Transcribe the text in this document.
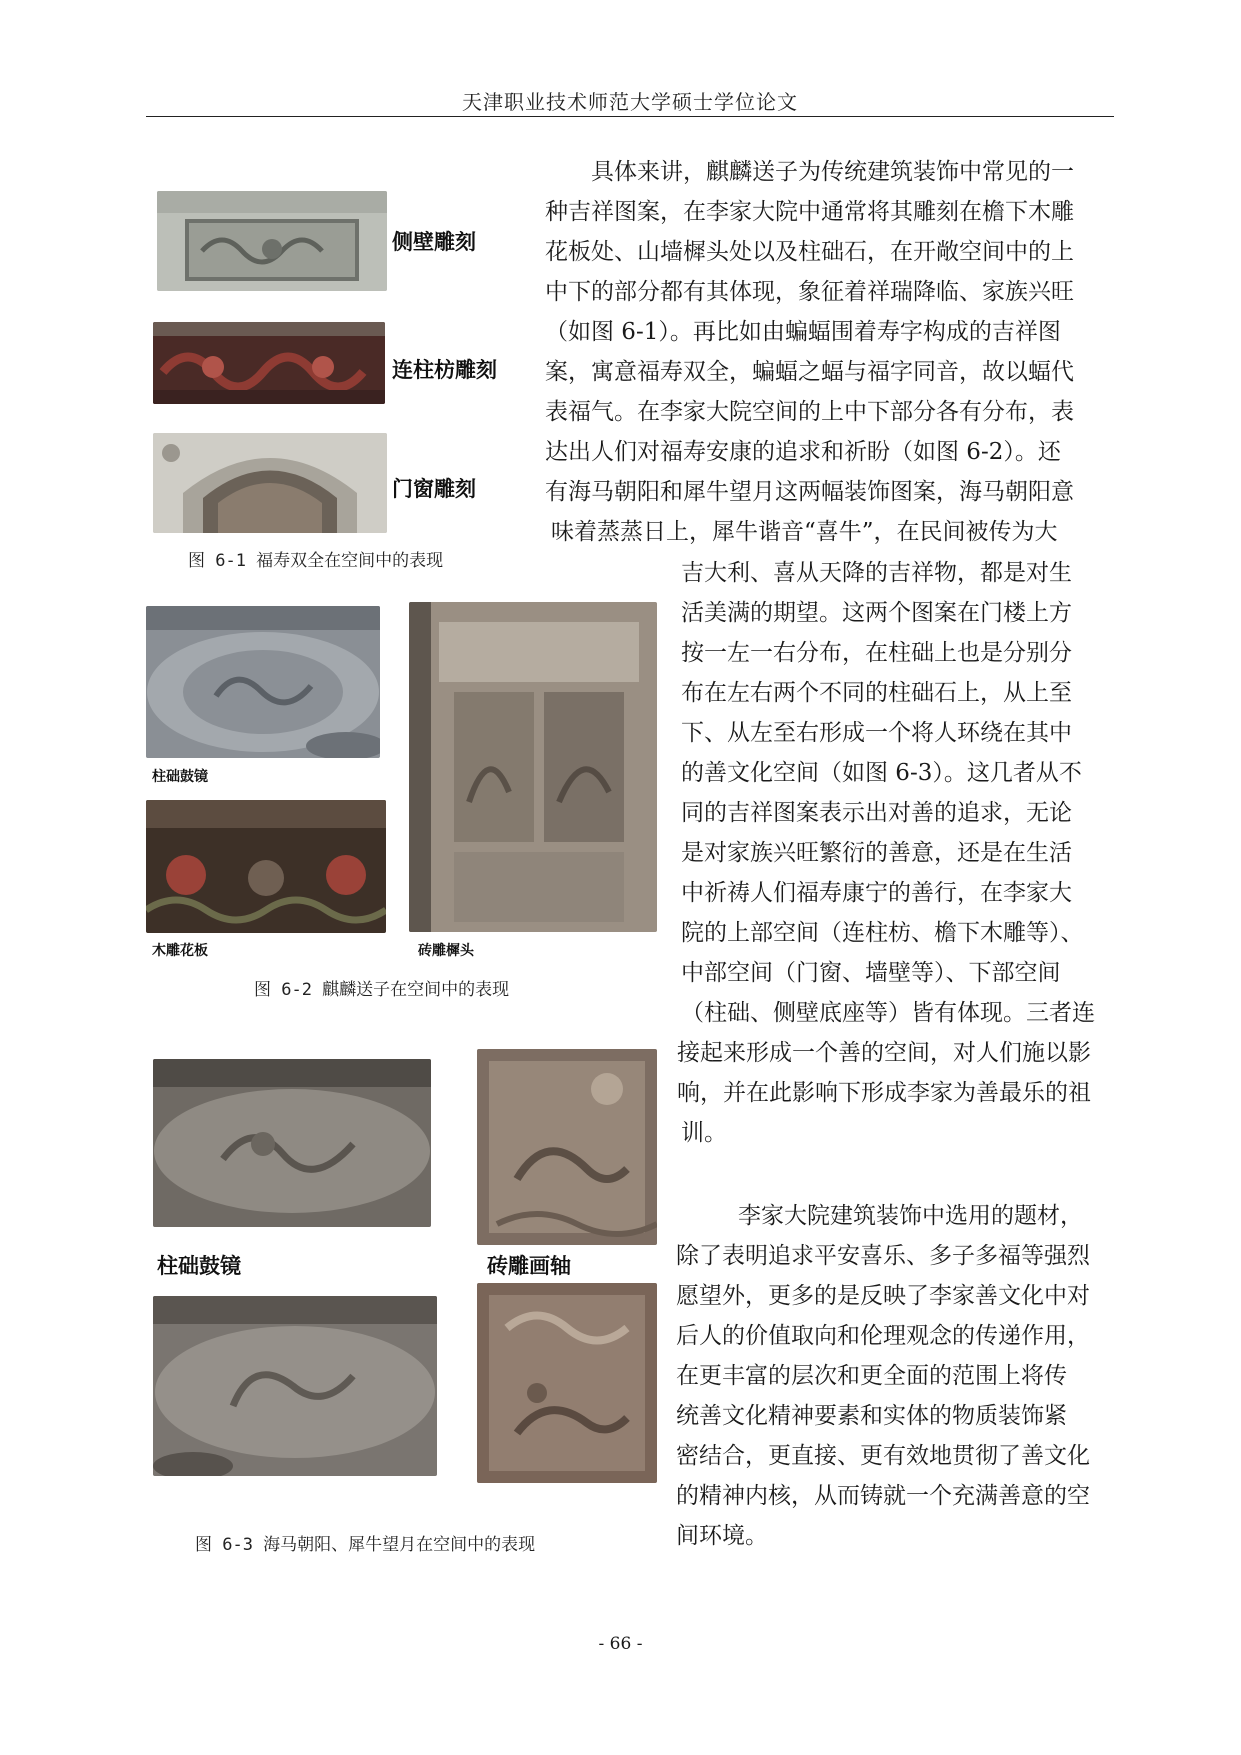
天津职业技术师范大学硕士学位论文
具体来讲，麒麟送子为传统建筑装饰中常见的一
种吉祥图案，在李家大院中通常将其雕刻在檐下木雕
花板处、山墙樨头处以及柱础石，在开敞空间中的上
中下的部分都有其体现，象征着祥瑞降临、家族兴旺
（如图 6-1）。再比如由蝙蝠围着寿字构成的吉祥图
案，寓意福寿双全，蝙蝠之蝠与福字同音，故以蝠代
表福气。在李家大院空间的上中下部分各有分布，表
达出人们对福寿安康的追求和祈盼（如图 6-2）。还
有海马朝阳和犀牛望月这两幅装饰图案，海马朝阳意
味着蒸蒸日上，犀牛谐音“喜牛”，在民间被传为大
吉大利、喜从天降的吉祥物，都是对生
活美满的期望。这两个图案在门楼上方
按一左一右分布，在柱础上也是分别分
布在左右两个不同的柱础石上，从上至
下、从左至右形成一个将人环绕在其中
的善文化空间（如图 6-3）。这几者从不
同的吉祥图案表示出对善的追求，无论
是对家族兴旺繁衍的善意，还是在生活
中祈祷人们福寿康宁的善行，在李家大
院的上部空间（连柱枋、檐下木雕等）、
中部空间（门窗、墙壁等）、下部空间
（柱础、侧壁底座等）皆有体现。三者连
接起来形成一个善的空间，对人们施以影
响，并在此影响下形成李家为善最乐的祖
训。
李家大院建筑装饰中选用的题材，
除了表明追求平安喜乐、多子多福等强烈
愿望外，更多的是反映了李家善文化中对
后人的价值取向和伦理观念的传递作用，
在更丰富的层次和更全面的范围上将传
统善文化精神要素和实体的物质装饰紧
密结合，更直接、更有效地贯彻了善文化
的精神内核，从而铸就一个充满善意的空
间环境。
侧壁雕刻
连柱枋雕刻
门窗雕刻
图 6-1 福寿双全在空间中的表现
柱础鼓镜
木雕花板	砖雕樨头
图 6-2 麒麟送子在空间中的表现
柱础鼓镜	砖雕画轴
图 6-3 海马朝阳、犀牛望月在空间中的表现
- 66 -
